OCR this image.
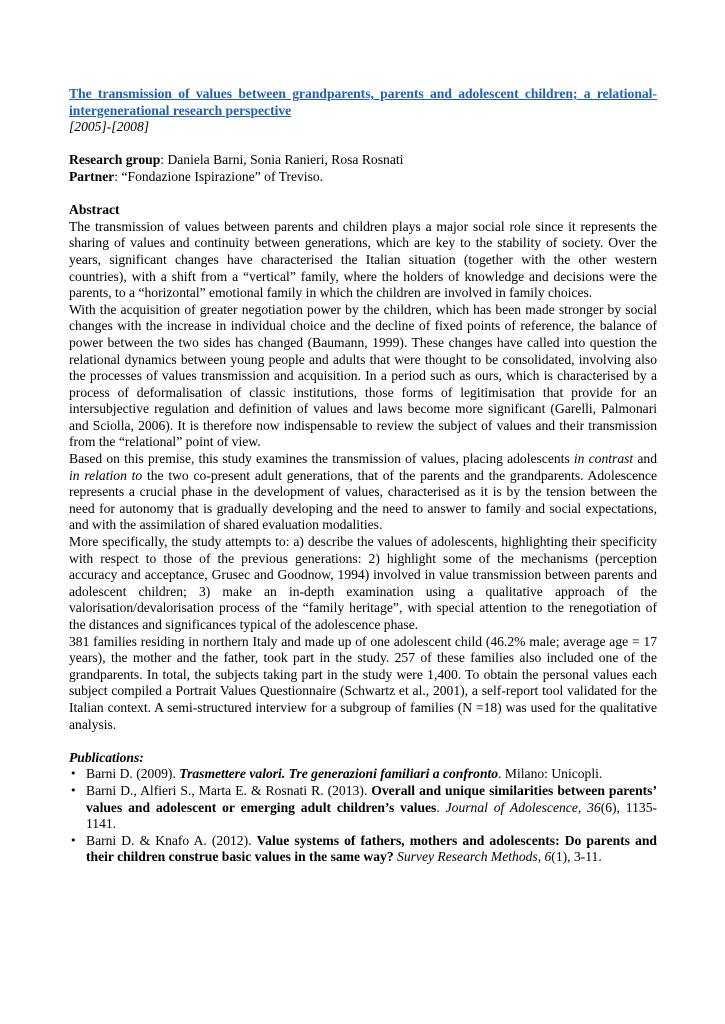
The transmission of values between grandparents, parents and adolescent children; a relational-intergenerational research perspective
[2005]-[2008]

Research group: Daniela Barni, Sonia Ranieri, Rosa Rosnati

Partner: “Fondazione Ispirazione” of Treviso.

Abstract

The transmission of values between parents and children plays a major social role since it represents the sharing of values and continuity between generations, which are key to the stability of society. Over the years, significant changes have characterised the Italian situation (together with the other western countries), with a shift from a “vertical” family, where the holders of knowledge and decisions were the parents, to a “horizontal” emotional family in which the children are involved in family choices.

With the acquisition of greater negotiation power by the children, which has been made stronger by social changes with the increase in individual choice and the decline of fixed points of reference, the balance of power between the two sides has changed (Baumann, 1999). These changes have called into question the relational dynamics between young people and adults that were thought to be consolidated, involving also the processes of values transmission and acquisition. In a period such as ours, which is characterised by a process of deformalisation of classic institutions, those forms of legitimisation that provide for an intersubjective regulation and definition of values and laws become more significant (Garelli, Palmonari and Sciolla, 2006). It is therefore now indispensable to review the subject of values and their transmission from the “relational” point of view.

Based on this premise, this study examines the transmission of values, placing adolescents in contrast and in relation to the two co-present adult generations, that of the parents and the grandparents. Adolescence represents a crucial phase in the development of values, characterised as it is by the tension between the need for autonomy that is gradually developing and the need to answer to family and social expectations, and with the assimilation of shared evaluation modalities.

More specifically, the study attempts to: a) describe the values of adolescents, highlighting their specificity with respect to those of the previous generations: 2) highlight some of the mechanisms (perception accuracy and acceptance, Grusec and Goodnow, 1994) involved in value transmission between parents and adolescent children; 3) make an in-depth examination using a qualitative approach of the valorisation/devalorisation process of the “family heritage”, with special attention to the renegotiation of the distances and significances typical of the adolescence phase.

381 families residing in northern Italy and made up of one adolescent child (46.2% male; average age = 17 years), the mother and the father, took part in the study. 257 of these families also included one of the grandparents. In total, the subjects taking part in the study were 1,400. To obtain the personal values each subject compiled a Portrait Values Questionnaire (Schwartz et al., 2001), a self-report tool validated for the Italian context. A semi-structured interview for a subgroup of families (N =18) was used for the qualitative analysis.

Publications:

• Barni D. (2009). Trasmettere valori. Tre generazioni familiari a confronto. Milano: Unicopli.
• Barni D., Alfieri S., Marta E. & Rosnati R. (2013). Overall and unique similarities between parents’ values and adolescent or emerging adult children’s values. Journal of Adolescence, 36(6), 1135-1141.
• Barni D. & Knafo A. (2012). Value systems of fathers, mothers and adolescents: Do parents and their children construe basic values in the same way? Survey Research Methods, 6(1), 3-11.
